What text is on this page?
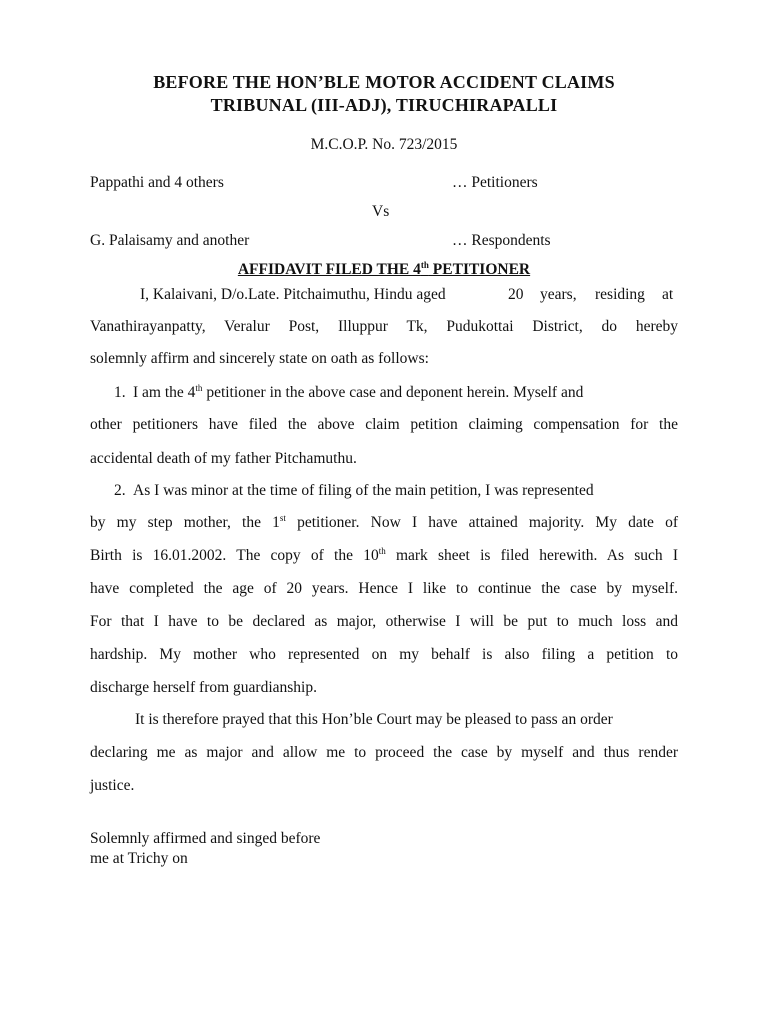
BEFORE THE HON’BLE MOTOR ACCIDENT CLAIMS
TRIBUNAL (III-ADJ), TIRUCHIRAPALLI
M.C.O.P. No. 723/2015
Pappathi and 4 others	… Petitioners
Vs
G. Palaisamy and another	… Respondents
AFFIDAVIT FILED THE 4th PETITIONER
I, Kalaivani, D/o.Late. Pitchaimuthu, Hindu aged	20 years, residing at
Vanathirayanpatty, Veralur Post, Illuppur Tk, Pudukottai District, do hereby
solemnly affirm and sincerely state on oath as follows:
1. I am the 4th petitioner in the above case and deponent herein. Myself and
other petitioners have filed the above claim petition claiming compensation for the
accidental death of my father Pitchamuthu.
2. As I was minor at the time of filing of the main petition, I was represented
by my step mother, the 1st petitioner. Now I have attained majority. My date of
Birth is 16.01.2002. The copy of the 10th mark sheet is filed herewith. As such I
have completed the age of 20 years. Hence I like to continue the case by myself.
For that I have to be declared as major, otherwise I will be put to much loss and
hardship. My mother who represented on my behalf is also filing a petition to
discharge herself from guardianship.
It is therefore prayed that this Hon’ble Court may be pleased to pass an order
declaring me as major and allow me to proceed the case by myself and thus render
justice.
Solemnly affirmed and singed before
me at Trichy on
